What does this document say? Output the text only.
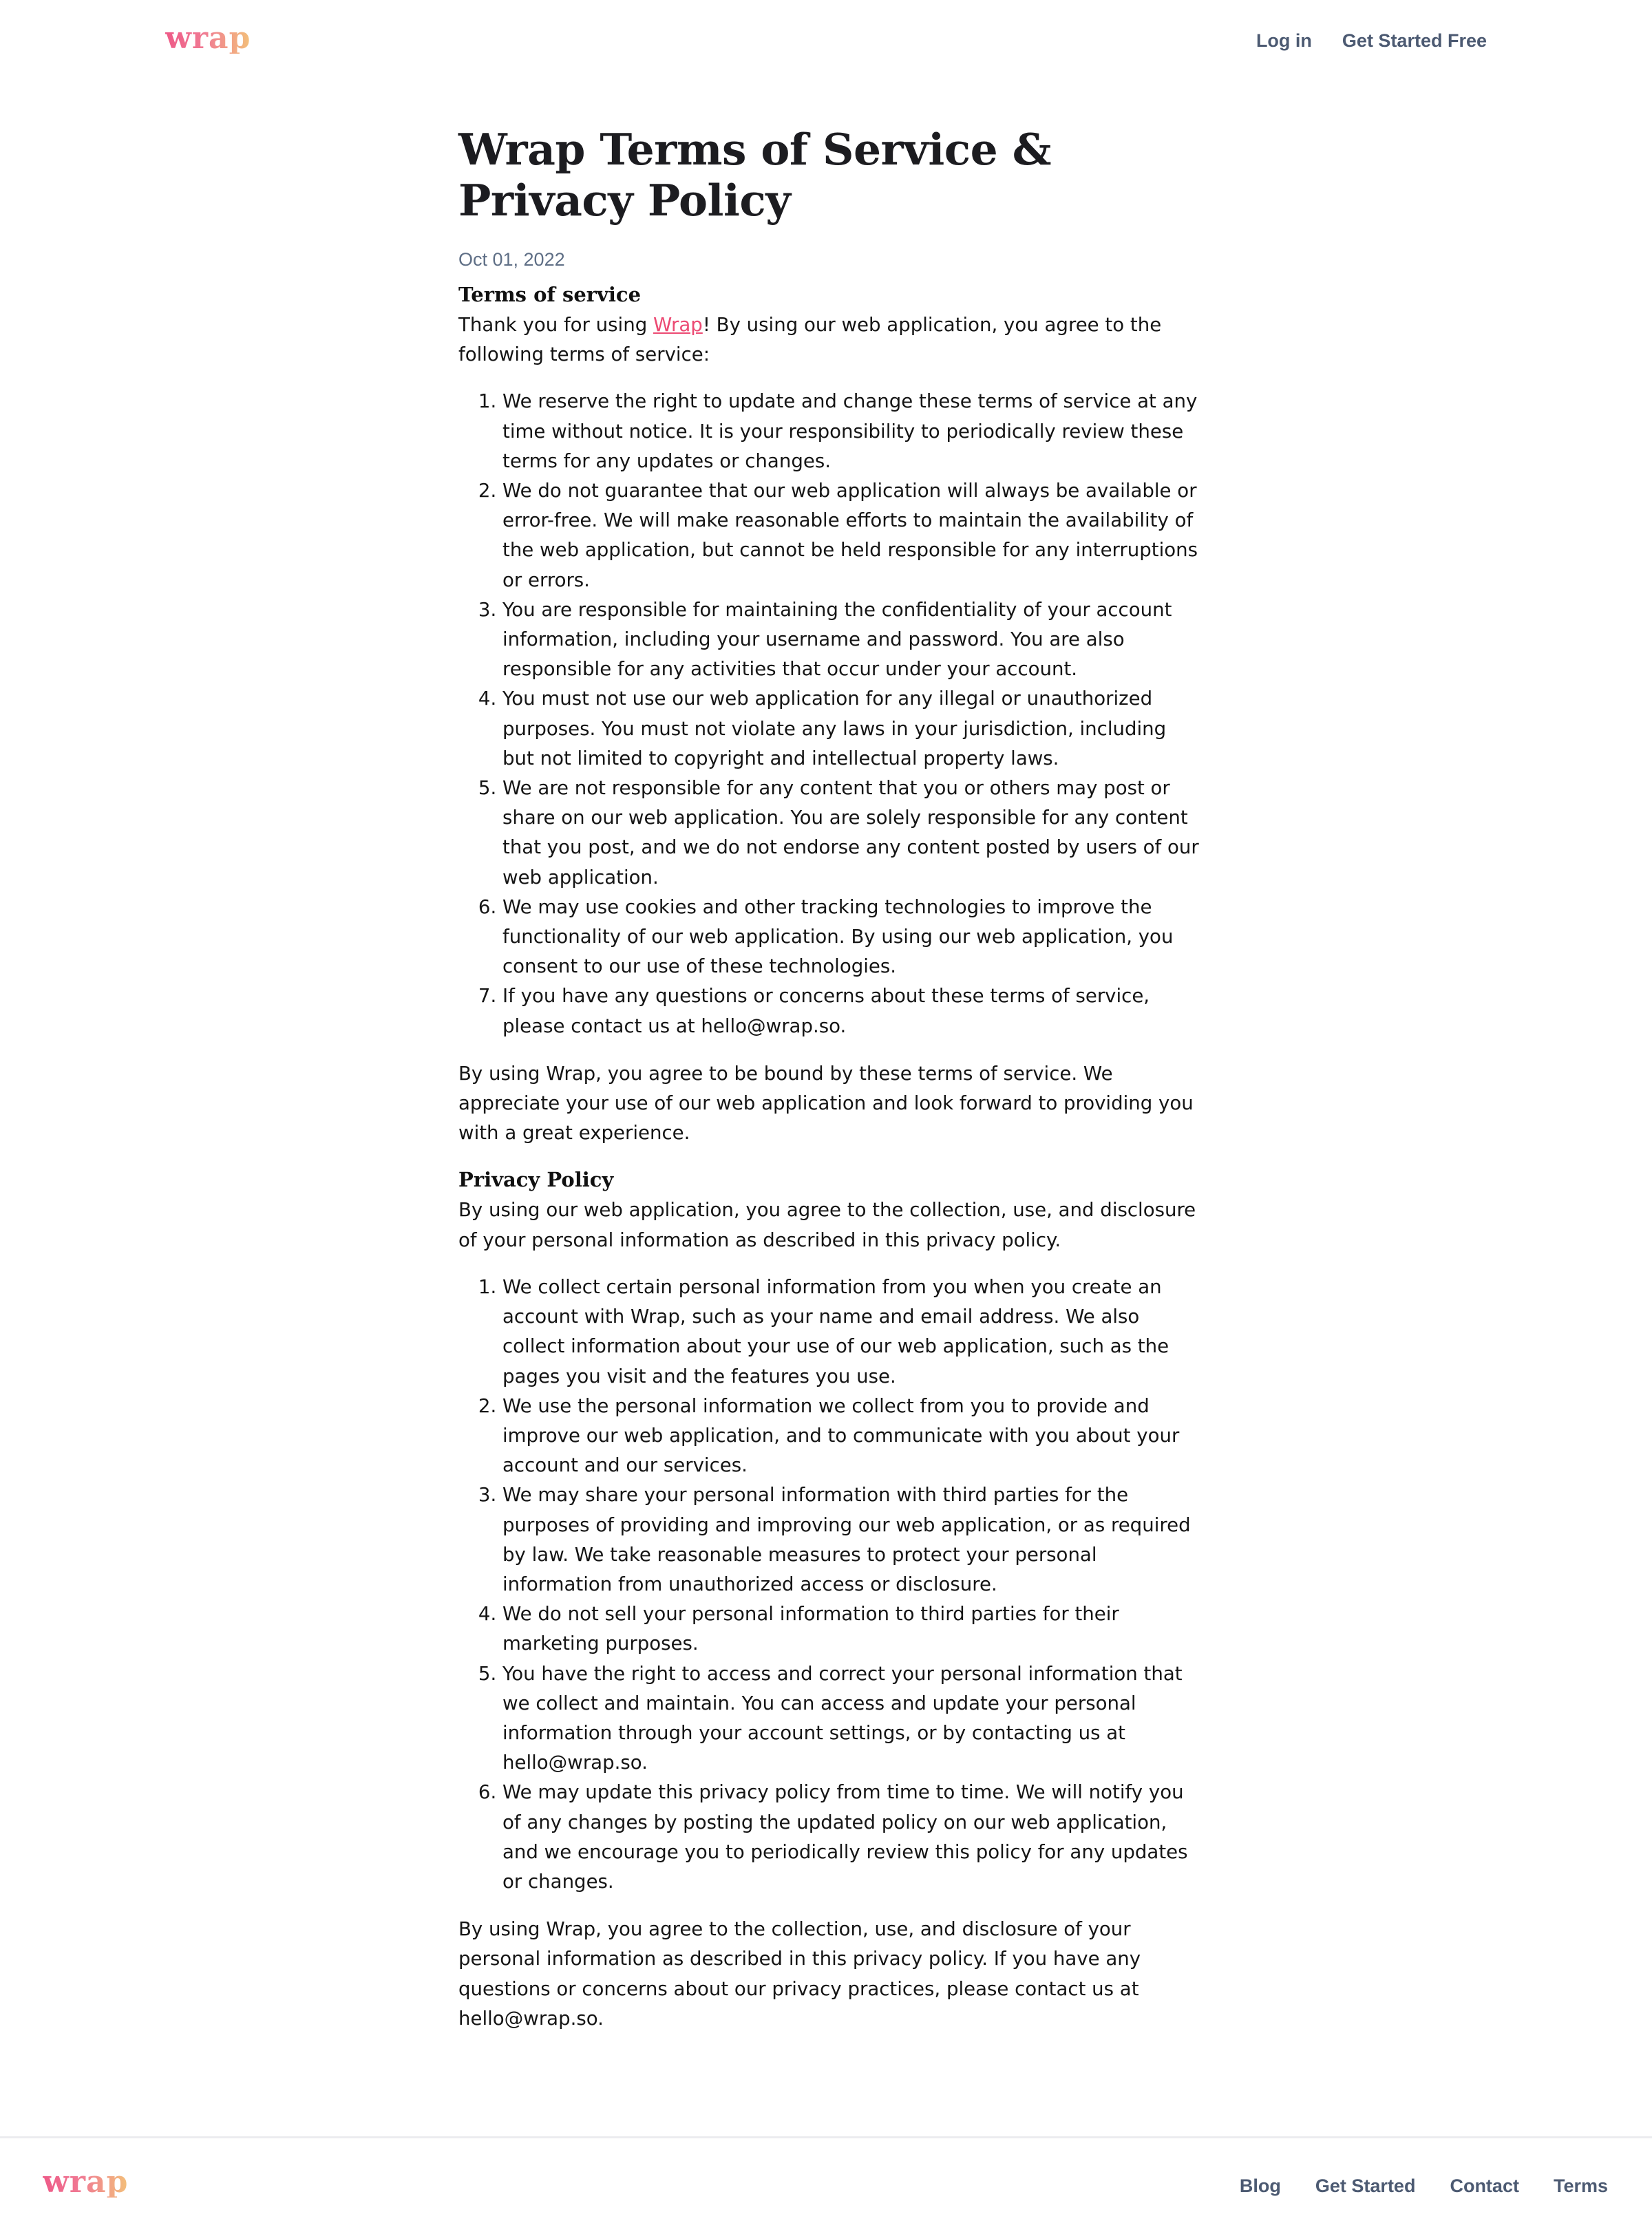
wrap	Log in Get Started Free
Wrap Terms of Service & Privacy Policy
Oct 01, 2022
Terms of service

Thank you for using Wrap! By using our web application, you agree to the following terms of service:

1. We reserve the right to update and change these terms of service at any time without notice. It is your responsibility to periodically review these terms for any updates or changes.
2. We do not guarantee that our web application will always be available or error-free. We will make reasonable efforts to maintain the availability of the web application, but cannot be held responsible for any interruptions or errors.
3. You are responsible for maintaining the confidentiality of your account information, including your username and password. You are also responsible for any activities that occur under your account.
4. You must not use our web application for any illegal or unauthorized purposes. You must not violate any laws in your jurisdiction, including but not limited to copyright and intellectual property laws.
5. We are not responsible for any content that you or others may post or share on our web application. You are solely responsible for any content that you post, and we do not endorse any content posted by users of our web application.
6. We may use cookies and other tracking technologies to improve the functionality of our web application. By using our web application, you consent to our use of these technologies.
7. If you have any questions or concerns about these terms of service, please contact us at hello@wrap.so.

By using Wrap, you agree to be bound by these terms of service. We appreciate your use of our web application and look forward to providing you with a great experience.

Privacy Policy

By using our web application, you agree to the collection, use, and disclosure of your personal information as described in this privacy policy.

1. We collect certain personal information from you when you create an account with Wrap, such as your name and email address. We also collect information about your use of our web application, such as the pages you visit and the features you use.
2. We use the personal information we collect from you to provide and improve our web application, and to communicate with you about your account and our services.
3. We may share your personal information with third parties for the purposes of providing and improving our web application, or as required by law. We take reasonable measures to protect your personal information from unauthorized access or disclosure.
4. We do not sell your personal information to third parties for their marketing purposes.
5. You have the right to access and correct your personal information that we collect and maintain. You can access and update your personal information through your account settings, or by contacting us at hello@wrap.so.
6. We may update this privacy policy from time to time. We will notify you of any changes by posting the updated policy on our web application, and we encourage you to periodically review this policy for any updates or changes.

By using Wrap, you agree to the collection, use, and disclosure of your personal information as described in this privacy policy. If you have any questions or concerns about our privacy practices, please contact us at hello@wrap.so.

wrap	Blog Get Started Contact Terms
